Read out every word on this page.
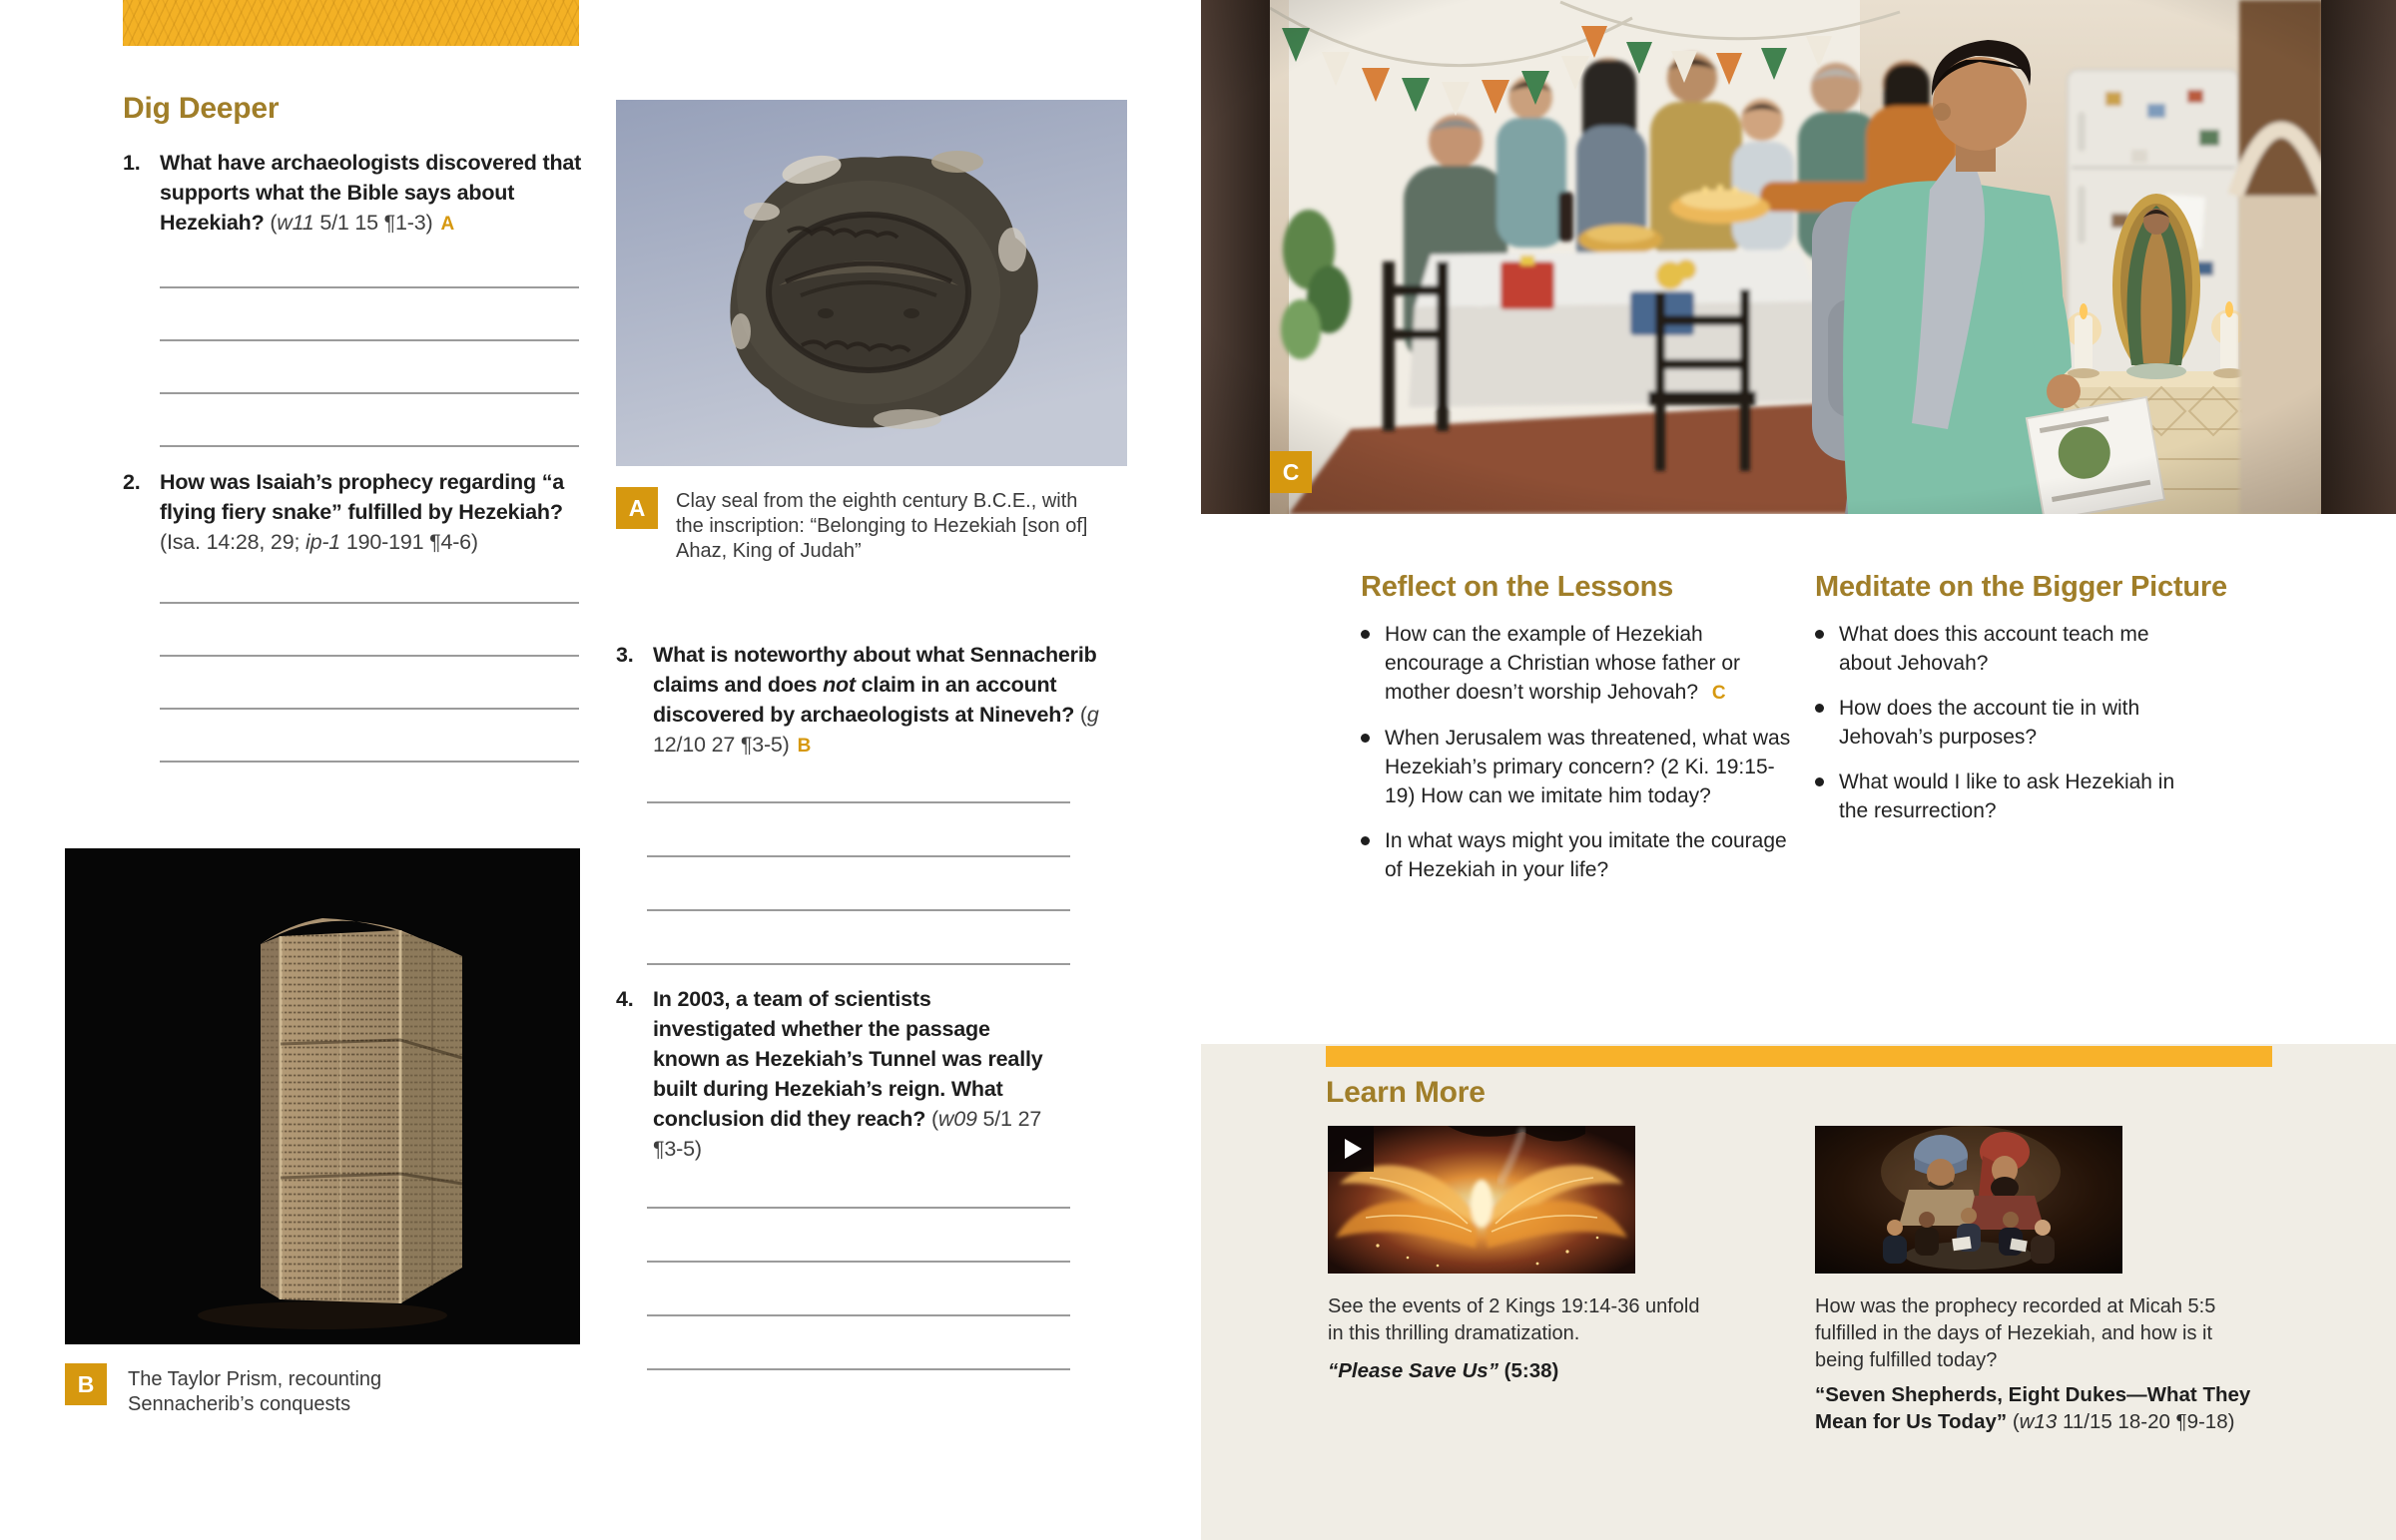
Dig Deeper
1. What have archaeologists discovered that supports what the Bible says about Hezekiah? (w11 5/1 15 ¶1-3) A
2. How was Isaiah’s prophecy regarding “a flying fiery snake” fulfilled by Hezekiah? (Isa. 14:28, 29; ip-1 190-191 ¶4-6)
A Clay seal from the eighth century B.C.E., with the inscription: “Belonging to Hezekiah [son of] Ahaz, King of Judah”

3. What is noteworthy about what Sennacherib claims and does not claim in an account discovered by archaeologists at Nineveh? (g 12/10 27 ¶3-5) B
4. In 2003, a team of scientists investigated whether the passage known as Hezekiah’s Tunnel was really built during Hezekiah’s reign. What conclusion did they reach? (w09 5/1 27 ¶3-5)
B The Taylor Prism, recounting Sennacherib’s conquests

C
Reflect on the Lessons

How can the example of Hezekiah encourage a Christian whose father or mother doesn’t worship Jehovah? C

When Jerusalem was threatened, what was Hezekiah’s primary concern? (2 Ki. 19:15-19) How can we imitate him today?

In what ways might you imitate the courage of Hezekiah in your life?

Meditate on the Bigger Picture

What does this account teach me about Jehovah?

How does the account tie in with Jehovah’s purposes?

What would I like to ask Hezekiah in the resurrection?

Learn More

See the events of 2 Kings 19:14-36 unfold in this thrilling dramatization.

“Please Save Us” (5:38)

How was the prophecy recorded at Micah 5:5 fulfilled in the days of Hezekiah, and how is it being fulfilled today?

“Seven Shepherds, Eight Dukes—What They Mean for Us Today” (w13 11/15 18-20 ¶9-18)
